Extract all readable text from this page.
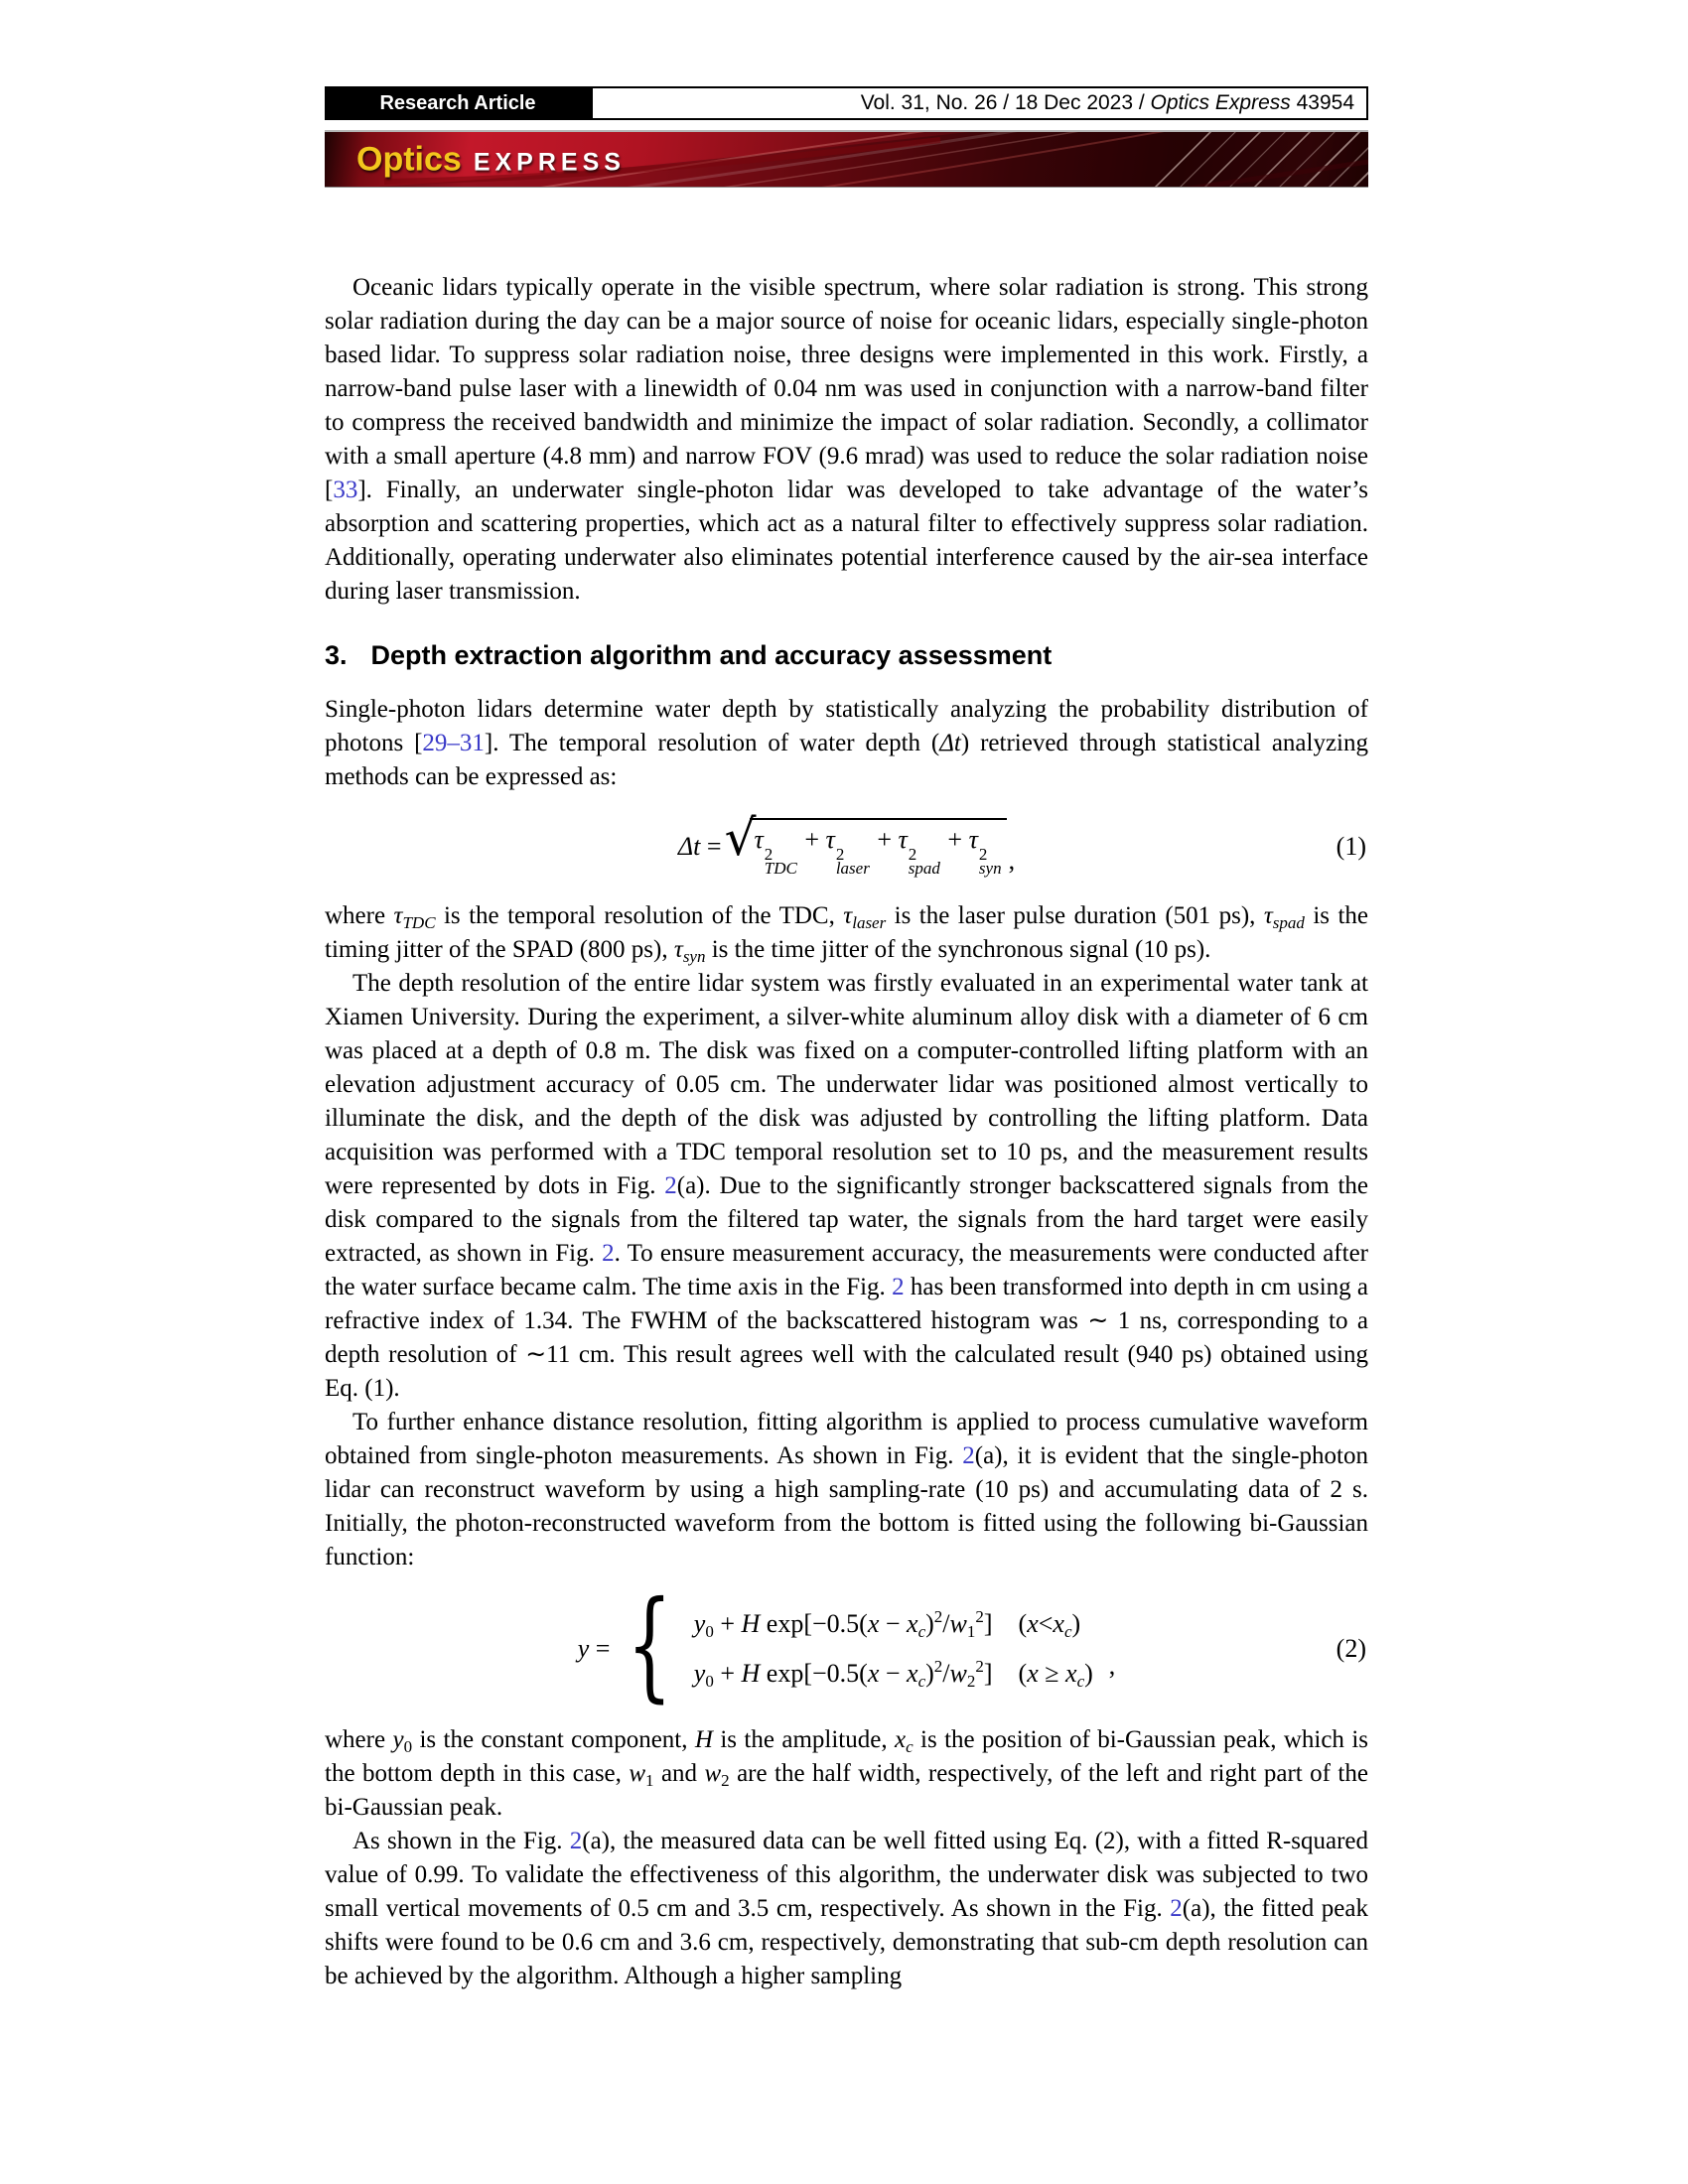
Research Article	Vol. 31, No. 26 / 18 Dec 2023 / Optics Express 43954
Optics EXPRESS

Oceanic lidars typically operate in the visible spectrum, where solar radiation is strong. This strong solar radiation during the day can be a major source of noise for oceanic lidars, especially single-photon based lidar. To suppress solar radiation noise, three designs were implemented in this work. Firstly, a narrow-band pulse laser with a linewidth of 0.04 nm was used in conjunction with a narrow-band filter to compress the received bandwidth and minimize the impact of solar radiation. Secondly, a collimator with a small aperture (4.8 mm) and narrow FOV (9.6 mrad) was used to reduce the solar radiation noise [33]. Finally, an underwater single-photon lidar was developed to take advantage of the water’s absorption and scattering properties, which act as a natural filter to effectively suppress solar radiation. Additionally, operating underwater also eliminates potential interference caused by the air-sea interface during laser transmission.

3. Depth extraction algorithm and accuracy assessment

Single-photon lidars determine water depth by statistically analyzing the probability distribution of photons [29–31]. The temporal resolution of water depth (Δt) retrieved through statistical analyzing methods can be expressed as:

Δt = √
τ
2
TDC
+ τ
2
laser
+ τ
2
spad
+ τ
2
syn ,	(1)

where $\tau_{TDC}$ is the temporal resolution of the TDC, $\tau_{laser}$ is the laser pulse duration (501 ps), $\tau_{spad}$ is the timing jitter of the SPAD (800 ps), $\tau_{syn}$ is the time jitter of the synchronous signal (10 ps).

The depth resolution of the entire lidar system was firstly evaluated in an experimental water tank at Xiamen University. During the experiment, a silver-white aluminum alloy disk with a diameter of 6 cm was placed at a depth of 0.8 m. The disk was fixed on a computer-controlled lifting platform with an elevation adjustment accuracy of 0.05 cm. The underwater lidar was positioned almost vertically to illuminate the disk, and the depth of the disk was adjusted by controlling the lifting platform. Data acquisition was performed with a TDC temporal resolution set to 10 ps, and the measurement results were represented by dots in Fig. 2(a). Due to the significantly stronger backscattered signals from the disk compared to the signals from the filtered tap water, the signals from the hard target were easily extracted, as shown in Fig. 2. To ensure measurement accuracy, the measurements were conducted after the water surface became calm. The time axis in the Fig. 2 has been transformed into depth in cm using a refractive index of 1.34. The FWHM of the backscattered histogram was ∼ 1 ns, corresponding to a depth resolution of ∼11 cm. This result agrees well with the calculated result (940 ps) obtained using Eq. (1).

To further enhance distance resolution, fitting algorithm is applied to process cumulative waveform obtained from single-photon measurements. As shown in Fig. 2(a), it is evident that the single-photon lidar can reconstruct waveform by using a high sampling-rate (10 ps) and accumulating data of 2 s. Initially, the photon-reconstructed waveform from the bottom is fitted using the following bi-Gaussian function:

y = { y0 + H $\exp[-0.5(x - xc)^2/w1^2]$  (x<xc)
y0 + H $\exp[-0.5(x - xc)^2/w2^2]$  (x ≥ xc) ,
(2)

where $y_0$ is the constant component, H is the amplitude, $x_c$ is the position of bi-Gaussian peak, which is the bottom depth in this case, $w_1$ and $w_2$ are the half width, respectively, of the left and right part of the bi-Gaussian peak.

As shown in the Fig. 2(a), the measured data can be well fitted using Eq. (2), with a fitted R-squared value of 0.99. To validate the effectiveness of this algorithm, the underwater disk was subjected to two small vertical movements of 0.5 cm and 3.5 cm, respectively. As shown in the Fig. 2(a), the fitted peak shifts were found to be 0.6 cm and 3.6 cm, respectively, demonstrating that sub-cm depth resolution can be achieved by the algorithm. Although a higher sampling
